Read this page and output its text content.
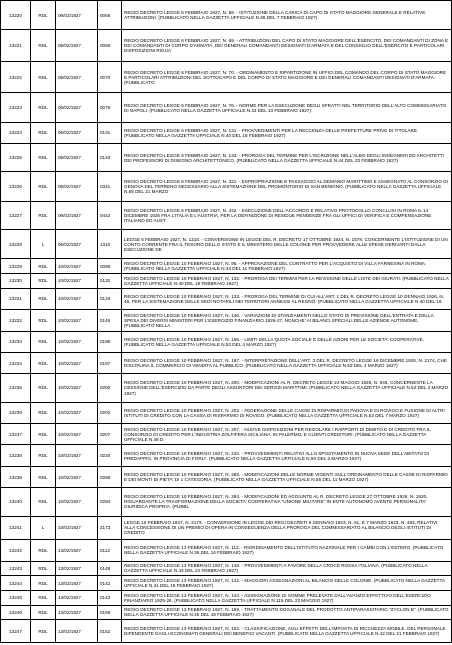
13220	RDL	06/02/1927	0068	REGIO DECRETO LEGGE 6 FEBBRAIO 1927, N. 68. - ISTITUZIONE DELLA CARICA DI CAPO DI STATO MAGGIORE GENERALE E RELATIVE ATTRIBUZIONI. (PUBBLICATO NELLA GAZZETTA UFFICIALE N.36 DEL 7 FEBBRAIO 1927)

13221	RDL	06/02/1927	0069	REGIO DECRETO LEGGE 6 FEBBRAIO 1927, N. 69. - ATTRIBUZIONI DEL CAPO DI STATO MAGGIORE DELL'ESERCITO, DEI COMANDANTI DI ZONA E DEI COMANDANTI DI CORPO D'ARMATA, DEI GENERALI COMANDANTI DESIGNATI D'ARMATA E DEL CONSIGLIO DELL'ESERCITO E PARTICOLARI DISPOSIZIONI RIGUA

13222	RDL	06/02/1927	0070	REGIO DECRETO LEGGE 6 FEBBRAIO 1927, N. 70. - ORDINAMENTO E RIPARTIZIONE IN UFFICI DEL COMANDO DEL CORPO DI STATO MAGGIORE E PARTICOLARI ATTRIBUZIONI DEL SOTTOCAPO E DEL CORPO DI STATO MAGGIORE E DEI GENERALI COMANDANTI DESIGNATI D'ARMATA. (PUBBLICATO

13223	RDL	06/02/1927	0076	REGIO DECRETO LEGGE 6 FEBBRAIO 1927, N. 76. - NORME PER LA ESECUZIONE DEGLI SFRATTI NEL TERRITORIO DELL'ALTO COMMISSARIATO DI NAPOLI. (PUBBLICATO NELLA GAZZETTA UFFICIALE N.33 DEL 10 FEBBRAIO 1927)

13224	RDL	06/02/1927	0131	REGIO DECRETO LEGGE 6 FEBBRAIO 1927, N. 131. - PROVVEDIMENTI PER LA RECCENZA DELLE PREFETTURE PRIVE DI TITOLARE. (PUBBLICATO NELLA GAZZETTA UFFICIALE N.40 DEL 18 FEBBRAIO 1927)

13225	RDL	06/02/1927	0133	REGIO DECRETO LEGGE 6 FEBBRAIO 1927, N. 133. - PROROGA DEL TERMINE PER L'ISCRIZIONE NELL'ALBO DEGLI INGEGNERI ED ARCHITETTI DEI PROFESSORI DI DISEGNO ARCHITETTONICO. (PUBBLICATO NELLA GAZZETTA UFFICIALE N.44 DEL 23 FEBBRAIO 1927)

13226	RDL	06/02/1927	0321	REGIO DECRETO LEGGE 6 FEBBRAIO 1927, N. 321. - ESPROPRIAZIONE E PASSAGGIO AL DEMANIO MARITTIMO E ASSEGNATO AL CONSORZIO DI GENOVA DEL TERRENO NECESSARIO ALLA SISTEMAZIONE DEL PROMONTORIO DI SAN BENIGNO. (PUBBLICATO NELLA GAZZETTA UFFICIALE N.68 DEL 21 MARZO

13227	RDL	06/02/1927	0442	REGIO DECRETO LEGGE 6 FEBBRAIO 1927, N. 442. - ESECUZIONE DELL'ACCORDO E RELATIVO PROTOCOLLO CONCLUSI IN ROMA IL 14 DICEMBRE 1926 FRA L'ITALIA E L'AUSTRIA, PER LA DEFINIZIONE DI RESIDUE PENDENZE FRA GLI UFFICI DI VERIFICA E COMPENSAZIONE ITALIANO ED AUST

13228	L	06/02/1927	1310	LEGGE 6 FEBBRAIO 1927, N. 1310. - CONVERSIONE IN LEGGE DEL R. DECRETO 17 OTTOBRE 1924, N. 1578, CONCERNENTE L'ISTITUZIONE DI UN CONTO CORRENTE FRA IL TESORO DELLO STATO E IL MINISTERO DELLE COLONIE PER PROVVEDERE ALLE SPESE DERIVANTI DALLA ESECUZIONE DE

13229	RDL	10/02/1927	0095	REGIO DECRETO LEGGE 10 FEBBRAIO 1927, N. 95. - APPROVAZIONE DEL CONTRATTO PER L'ACQUISTO DI VILLA FARNESINA IN ROMA. (PUBBLICATO NELLA GAZZETTA UFFICIALE N.34 DEL 11 FEBBRAIO 1927)

13230	RDL	10/02/1927	0132	REGIO DECRETO LEGGE 10 FEBBRAIO 1927, N. 132. - PROROGA DEI TERMINI PER LA REVISIONE DELLE LISTE DEI GIURATI. (PUBBLICATO NELLA GAZZETTA UFFICIALE N.40 DEL 18 FEBBRAIO 1927)

13231	RDL	10/02/1927	0133	REGIO DECRETO LEGGE 10 FEBBRAIO 1927, N. 133. - PROROGA DEL TERMINE DI CUI ALL'ART. 1 DEL R. DECRETO LEGGE 10 GENNAIO 1926, N. 46, PER LA SISTEMAZIONE DELLE SEDI NOTARILI NEI TERRITORI ANNESSI AL REGNO. (PUBBLICATO NELLA GAZZETTA UFFICIALE N.40 DEL 18

13232	RDL	10/02/1927	0146	REGIO DECRETO LEGGE 10 FEBBRAIO 1927, N. 146. - VARIAZIONI DI STANZIAMENTI NELLO STATO DI PREVISIONE DELL'ENTRATA E DELLA SPESA DEI DIVERSI MINISTERI PER L'ESERCIZIO FINANZIARIO 1926-27, NONCHE' AI BILANCI SPECIALI DELLE AZIENDE AUTONOME. (PUBBLICATO NELLA

13233	RDL	10/02/1927	0196	REGIO DECRETO LEGGE 10 FEBBRAIO 1927, N. 196. - LIMITI DELLA QUOTA SOCIALE E DELLE AZIONI PER LE SOCIETA' COOPERATIVE. (PUBBLICATO NELLA GAZZETTA UFFICIALE N.52 DEL 4 MARZO 1927)

13234	RDL	10/02/1927	0197	REGIO DECRETO LEGGE 10 FEBBRAIO 1927, N. 197. - INTERPRETAZIONE DELL'ART. 3 DEL R. DECRETO LEGGE 16 DICEMBRE 1926, N. 2174, CHE DISCIPLINA IL COMMERCIO DI VENDITA AL PUBBLICO. (PUBBLICATO NELLA GAZZETTA UFFICIALE N.52 DEL 4 MARZO 1927)

13235	RDL	10/02/1927	0200	REGIO DECRETO LEGGE 10 FEBBRAIO 1927, N. 200. - MODIFICAZIONI AL R. DECRETO LEGGE 24 MAGGIO 1926, N. 946, CONCERNENTE LA CESSIONE DELL'ESERCIZIO DA PARTE DEGLI ASSUNTORI DEI SERVIZI MARITTIMI. (PUBBLICATO NELLA GAZZETTA UFFICIALE N.52 DEL 4 MARZO 1927)

13236	RDL	10/02/1927	0202	REGIO DECRETO LEGGE 10 FEBBRAIO 1927, N. 202. - FEDERAZIONE DELLE CASSE DI RISPARMIO DI PADOVA E DI ROVIGO E FUSIONE DI ALTRI ISTITUTI DI CREDITO CON LA CASSA DI RISPARMIO DI ROVIGO. (PUBBLICATO NELLA GAZZETTA UFFICIALE N.53 DEL 7 MARZO 1927)

13237	RDL	10/02/1927	0207	REGIO DECRETO LEGGE 10 FEBBRAIO 1927, N. 207. - NUOVE DISPOSIZIONI PER REGOLARE I RAPPORTI DI DEBITO E DI CREDITO FRA IL CONSORZIO DI CREDITO PER L'INDUSTRIA ZOLFIFERA SICILIANA, IN PALERMO, E CLIENTI CREDITORI. (PUBBLICATO NELLA GAZZETTA UFFICIALE N.48 D

13238	RDL	10/02/1927	0220	REGIO DECRETO LEGGE 10 FEBBRAIO 1927, N. 220. - PROVVEDIMENTI RELATIVI ALLO SPOSTAMENTO IN NUOVA SEDE DELL'ABITATO DI PREDAPPIO, IN PROVINCIA DI FORLI'. (PUBBLICATO NELLA GAZZETTA UFFICIALE N.50 DEL 2 MARZO 1927)

13239	RDL	10/02/1927	0269	REGIO DECRETO LEGGE 10 FEBBRAIO 1927, N. 269. - MODIFICAZIONI DELLE NORME VIGENTI SULL'ORDINAMENTO DELLE CASSE DI RISPARMIO E DEI MONTI DI PIETA' DI 1 CATEGORIA. (PUBBLICATO NELLA GAZZETTA UFFICIALE N.58 DEL 11 MARZO 1927)

13240	RDL	10/02/1927	0284	REGIO DECRETO LEGGE 10 FEBBRAIO 1927, N. 284. - MODIFICAZIONI ED AGGIUNTE AL R. DECRETO LEGGE 27 OTTOBRE 1926, N. 1930, RIGUARDANTE LA TRASFORMAZIONE DELLA SOCIETA' COOPERATIVA "UNIONE MILITARE" IN ENTE AUTONOMO AVENTE PERSONALITA' GIURIDICA PROPRIA. (PUBBL

13241	L	10/02/1927	2173	LEGGE 10 FEBBRAIO 1927, N. 2173. - CONVERSIONE IN LEGGE DEI REGI DECRETI 6 GENNAIO 1923, N. 61, E 7 MARZO 1923, N. 483, RELATIVI ALLA CONCESSIONE DI UN PREMIO DI OPERA IN CONSEGUENZA DELLA PROROGA DEL COMMISSARIATO AL BILANCIO DEGLI ISTITUTI DI CREDITO

13242	RDL	13/02/1927	0112	REGIO DECRETO LEGGE 13 FEBBRAIO 1927, N. 112. - RIORDINAMENTO DELL'ISTITUTO NAZIONALE PER I CAMBI CON L'ESTERO. (PUBBLICATO NELLA GAZZETTA UFFICIALE N.36 DEL 14 FEBBRAIO 1927)

13243	RDL	13/02/1927	0148	REGIO DECRETO LEGGE 13 FEBBRAIO 1927, N. 148. - PROVVEDIMENTI A FAVORE DELLA CROCE ROSSA ITALIANA. (PUBBLICATO NELLA GAZZETTA UFFICIALE N.43 DEL 22 FEBBRAIO 1927)

13244	RDL	13/02/1927	0142	REGIO DECRETO LEGGE 13 FEBBRAIO 1927, N. 142. - MAGGIORI ASSEGNAZIONI AL BILANCIO DELLE COLONIE. (PUBBLICATO NELLA GAZZETTA UFFICIALE N.41 DEL 19 FEBBRAIO 1927)

13245	RDL	13/02/1927	0143	REGIO DECRETO LEGGE 13 FEBBRAIO 1927, N. 143. - ASSEGNAZIONE DI SOMME PRELEVATE DALL'AVANZO EFFETTIVO DELL'ESERCIZIO FINANZIARIO 1925-26. (PUBBLICATO NELLA GAZZETTA UFFICIALE N.119 DEL 23 MAGGIO 1927)

13246	RDL	13/02/1927	0159	REGIO DECRETO LEGGE 13 FEBBRAIO 1927, N. 159. - TRATTAMENTO DOGANALE DEL PRODOTTO ANTIPARASSITARIO "ZYCLON B". (PUBBLICATO NELLA GAZZETTA UFFICIALE N.45 DEL 19 FEBBRAIO 1927)

13247	RDL	13/02/1927	0152	REGIO DECRETO LEGGE 13 FEBBRAIO 1927, N. 152. - CLASSIFICAZIONE, AGLI EFFETTI DELL'IMPOSTA DI RICCHEZZA MOBILE, DEL PERSONALE DIPENDENTE DAGLI ECONOMATI GENERALI DEI BENEFICI VACANTI. (PUBBLICATO NELLA GAZZETTA UFFICIALE N.42 DEL 21 FEBBRAIO 1927)
